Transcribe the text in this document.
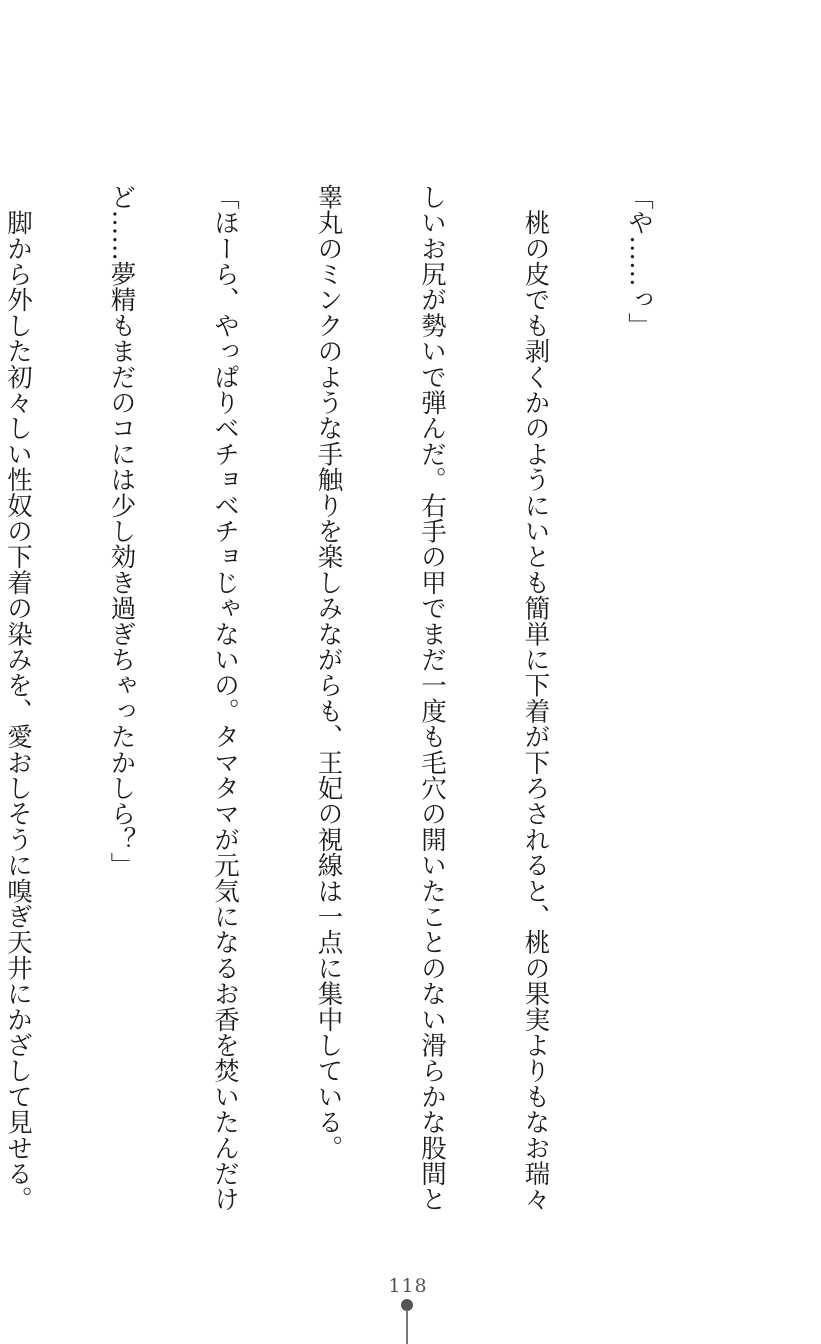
「や……っ」

　桃の皮でも剥くかのようにいとも簡単に下着が下ろされると、桃の果実よりもなお瑞々

しいお尻が勢いで弾んだ。右手の甲でまだ一度も毛穴の開いたことのない滑らかな股間と

睾丸のミンクのような手触りを楽しみながらも、王妃の視線は一点に集中している。

「ほーら、やっぱりベチョベチョじゃないの。タマタマが元気になるお香を焚いたんだけ

ど……夢精もまだのコには少し効き過ぎちゃったかしら？」

　脚から外した初々しい性奴の下着の染みを、愛おしそうに嗅ぎ天井にかざして見せる。

118
